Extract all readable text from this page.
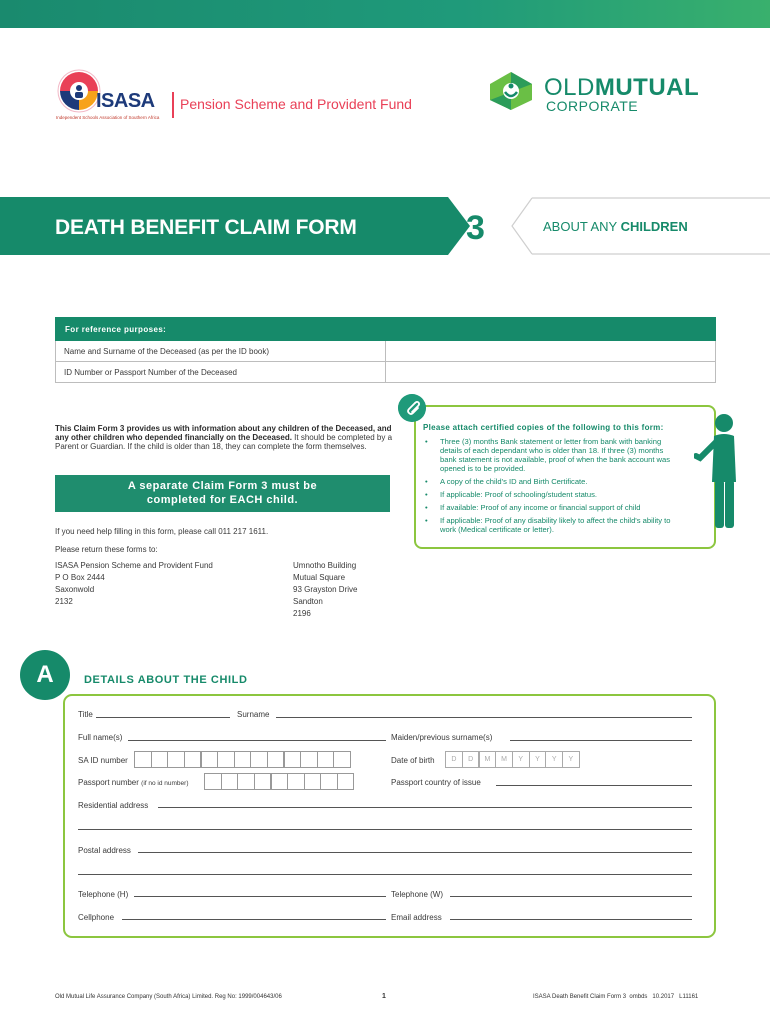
ISASA
Independent Schools Association of Southern Africa
Pension Scheme and Provident Fund
OLDMUTUAL
CORPORATE
DEATH BENEFIT CLAIM FORM	3	ABOUT ANY CHILDREN
For reference purposes:
Name and Surname of the Deceased (as per the ID book)
ID Number or Passport Number of the Deceased
This Claim Form 3 provides us with information about any children of the Deceased, and any other children who depended financially on the Deceased. It should be completed by a Parent or Guardian. If the child is older than 18, they can complete the form themselves.
A separate Claim Form 3 must be
completed for EACH child.
If you need help filling in this form, please call 011 217 1611.
Please return these forms to:
ISASA Pension Scheme and Provident Fund
P O Box 2444
Saxonwold
2132
Umnotho Building
Mutual Square
93 Grayston Drive
Sandton
2196
Please attach certified copies of the following to this form:
• Three (3) months Bank statement or letter from bank with banking details of each dependant who is older than 18. If three (3) months bank statement is not available, proof of when the bank account was opened is to be provided.
• A copy of the child's ID and Birth Certificate.
• If applicable: Proof of schooling/student status.
• If available: Proof of any income or financial support of child
• If applicable: Proof of any disability likely to affect the child's ability to work (Medical certificate or letter).
A	DETAILS ABOUT THE CHILD
Title	Surname
Full name(s)	Maiden/previous surname(s)
SA ID number	Date of birth	D	D	M	M	Y	Y	Y	Y
Passport number (if no id number)	Passport country of issue
Residential address
Postal address
Telephone (H)	Telephone (W)
Cellphone	Email address
Old Mutual Life Assurance Company (South Africa) Limited. Reg No: 1999/004643/06	1	ISASA Death Benefit Claim Form 3 ombds 10.2017 L11161
